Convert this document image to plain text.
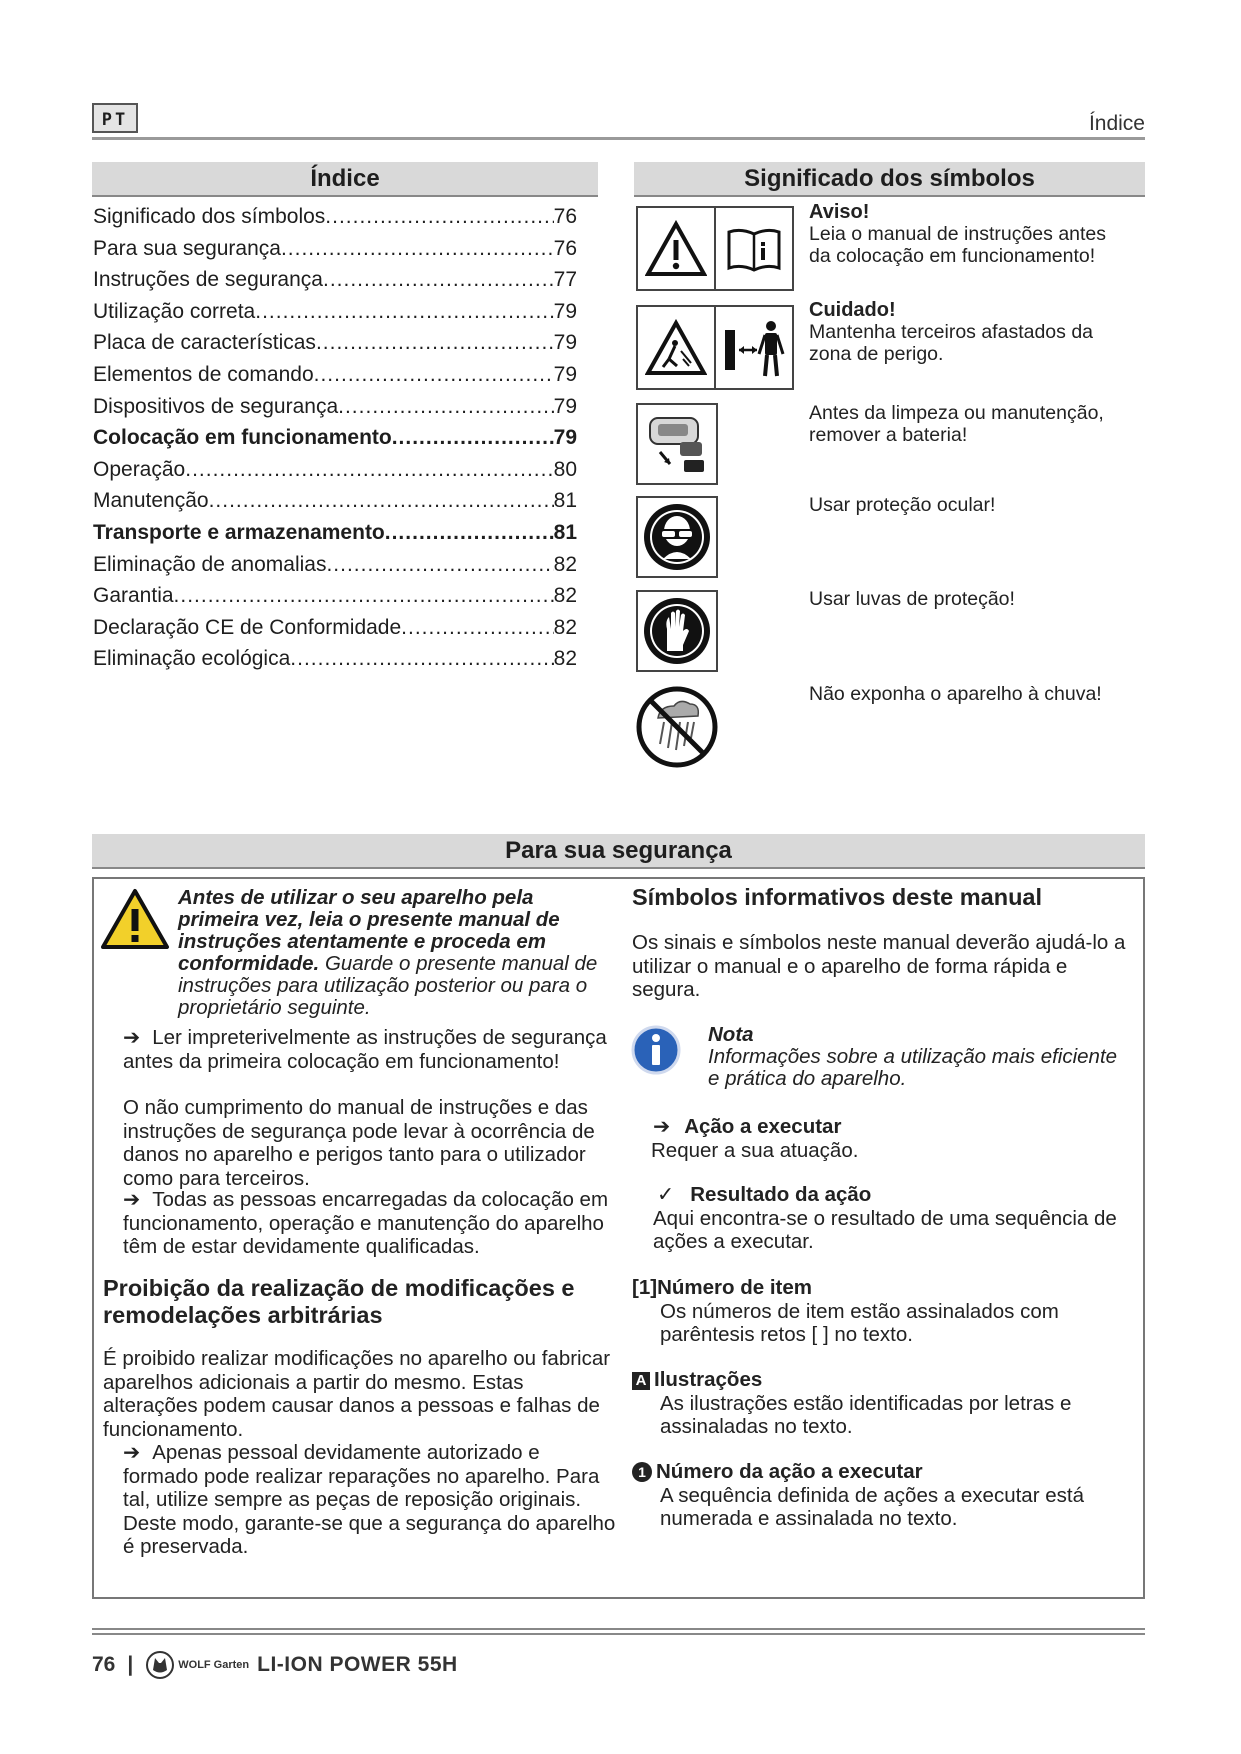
PT	Índice
Índice
Significado dos símbolos .....	76
Para sua segurança .....	76
Instruções de segurança .....	77
Utilização correta .....	79
Placa de características .....	79
Elementos de comando .....	79
Dispositivos de segurança .....	79
Colocação em funcionamento .....	79
Operação .....	80
Manutenção .....	81
Transporte e armazenamento .....	81
Eliminação de anomalias .....	82
Garantia .....	82
Declaração CE de Conformidade .....	82
Eliminação ecológica .....	82
Significado dos símbolos
Aviso!
Leia o manual de instruções antes
da colocação em funcionamento!
Cuidado!
Mantenha terceiros afastados da
zona de perigo.
Antes da limpeza ou manutenção,
remover a bateria!
Usar proteção ocular!
Usar luvas de proteção!
Não exponha o aparelho à chuva!
Para sua segurança
Antes de utilizar o seu aparelho pela primeira vez, leia o presente manual de instruções atentamente e proceda em conformidade. Guarde o presente manual de instruções para utilização posterior ou para o proprietário seguinte.
➔ Ler impreterivelmente as instruções de segurança antes da primeira colocação em funcionamento!
O não cumprimento do manual de instruções e das instruções de segurança pode levar à ocorrência de danos no aparelho e perigos tanto para o utilizador como para terceiros.
➔ Todas as pessoas encarregadas da colocação em funcionamento, operação e manutenção do aparelho têm de estar devidamente qualificadas.
Proibição da realização de modificações e remodelações arbitrárias
É proibido realizar modificações no aparelho ou fabricar aparelhos adicionais a partir do mesmo. Estas alterações podem causar danos a pessoas e falhas de funcionamento.
➔ Apenas pessoal devidamente autorizado e formado pode realizar reparações no aparelho. Para tal, utilize sempre as peças de reposição originais. Deste modo, garante-se que a segurança do aparelho é preservada.
Símbolos informativos deste manual
Os sinais e símbolos neste manual deverão ajudá-lo a utilizar o manual e o aparelho de forma rápida e segura.
Nota
Informações sobre a utilização mais eficiente e prática do aparelho.
➔ Ação a executar
Requer a sua atuação.
✓ Resultado da ação
Aqui encontra-se o resultado de uma sequência de ações a executar.
[1]Número de item

Os números de item estão assinalados com parêntesis retos [ ] no texto.
A Ilustrações

As ilustrações estão identificadas por letras e assinaladas no texto.
1 Número da ação a executar

A sequência definida de ações a executar está numerada e assinalada no texto.
76 |	WOLF Garten LI-ION POWER 55H
